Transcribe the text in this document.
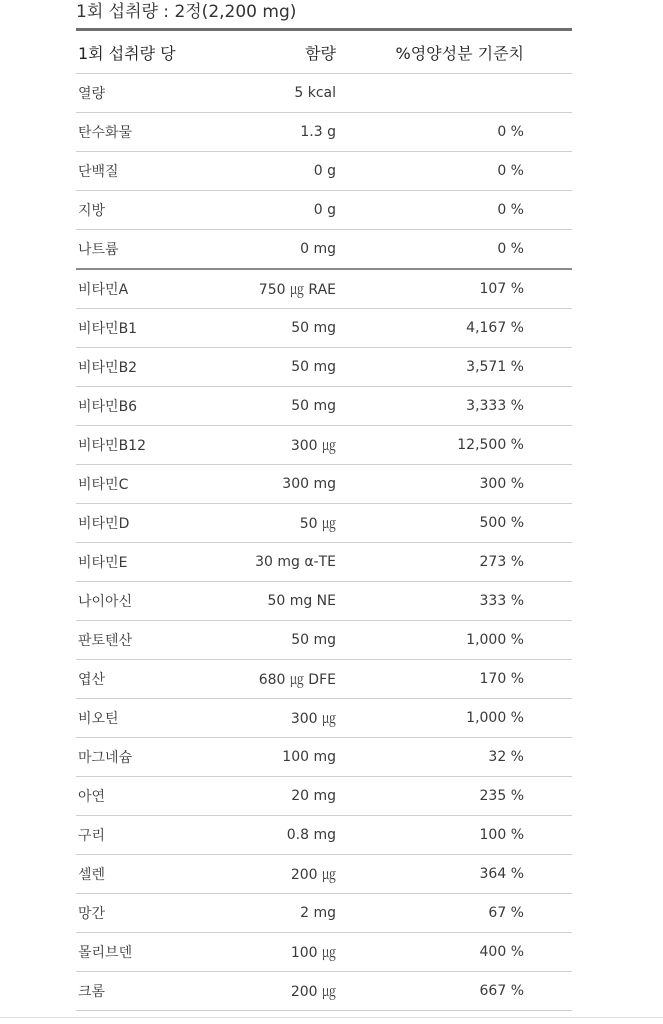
1회 섭취량 : 2정(2,200 mg)
1회 섭취량 당	함량	%영양성분 기준치
열량	5 kcal
탄수화물	1.3 g	0 %
단백질	0 g	0 %
지방	0 g	0 %
나트륨	0 mg	0 %
비타민A	750 ㎍ RAE	107 %
비타민B1	50 mg	4,167 %
비타민B2	50 mg	3,571 %
비타민B6	50 mg	3,333 %
비타민B12	300 ㎍	12,500 %
비타민C	300 mg	300 %
비타민D	50 ㎍	500 %
비타민E	30 mg α-TE	273 %
나이아신	50 mg NE	333 %
판토텐산	50 mg	1,000 %
엽산	680 ㎍ DFE	170 %
비오틴	300 ㎍	1,000 %
마그네슘	100 mg	32 %
아연	20 mg	235 %
구리	0.8 mg	100 %
셀렌	200 ㎍	364 %
망간	2 mg	67 %
몰리브덴	100 ㎍	400 %
크롬	200 ㎍	667 %
